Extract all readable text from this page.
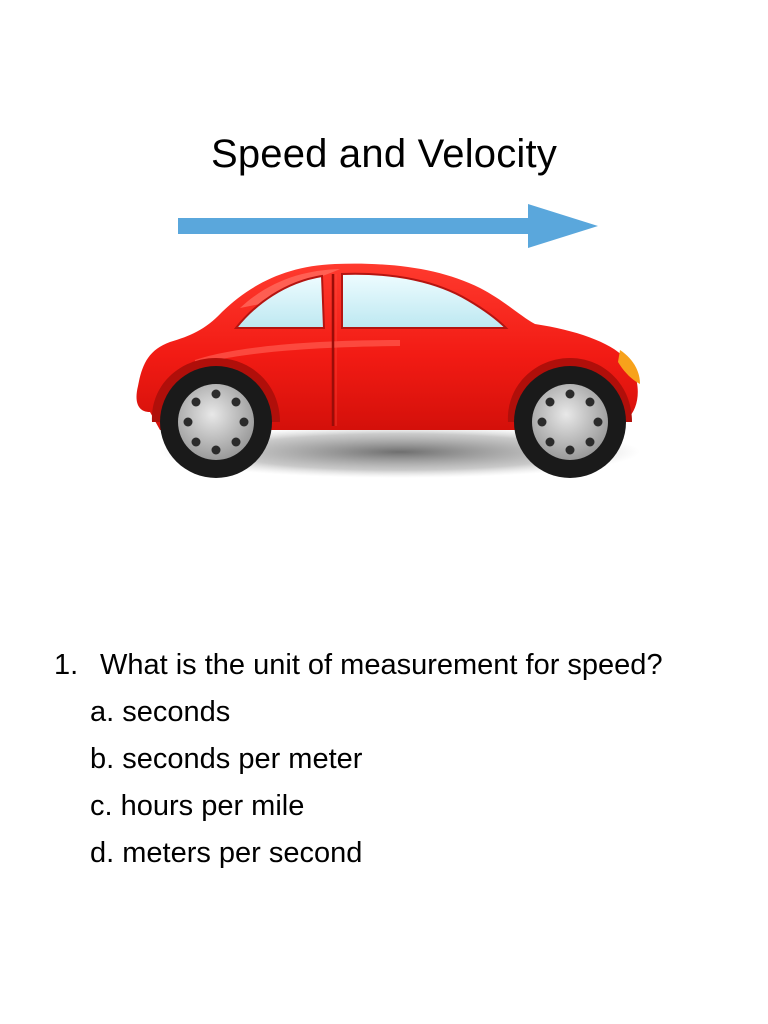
Speed and Velocity
1. What is the unit of measurement for speed?
a. seconds
b. seconds per meter
c. hours per mile
d. meters per second
